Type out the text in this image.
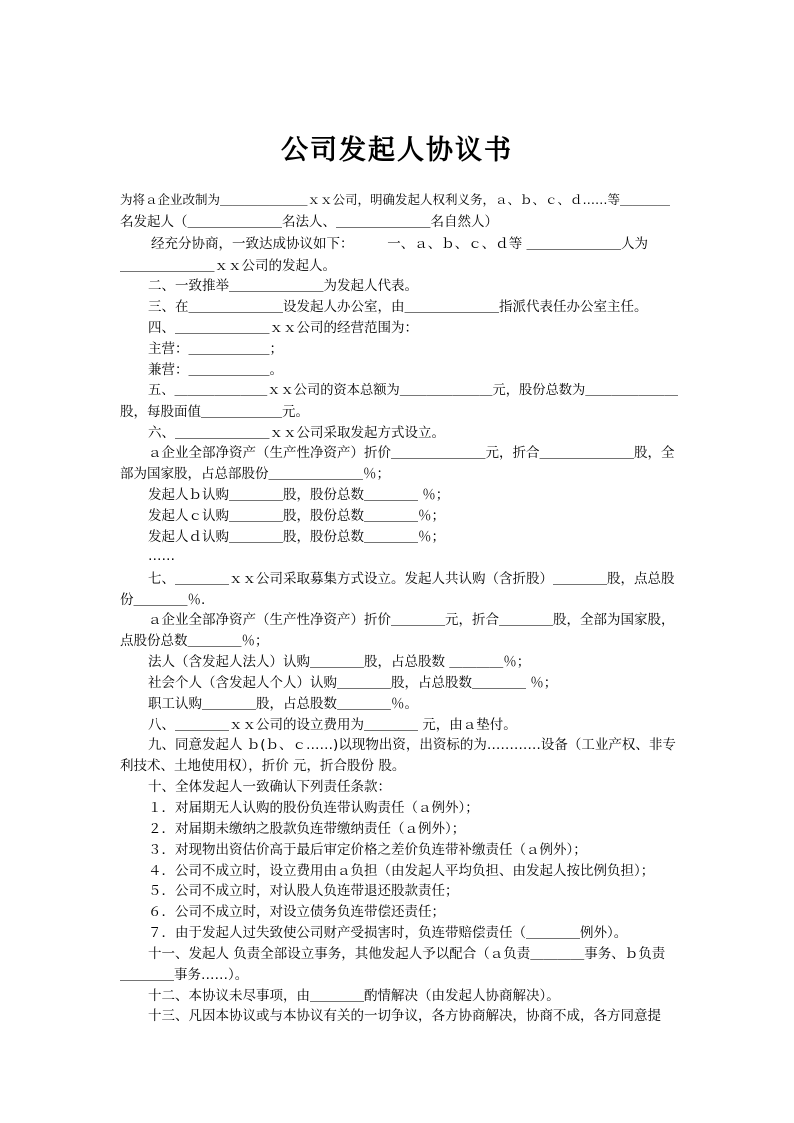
公司发起人协议书
为将ａ企业改制为＿＿＿＿＿＿＿ｘｘ公司，明确发起人权利义务，ａ、ｂ、ｃ、ｄ……等＿＿＿＿
名发起人（＿＿＿＿＿＿＿名法人、＿＿＿＿＿＿＿名自然人）
经充分协商，一致达成协议如下：　　　一、ａ、ｂ、ｃ、ｄ等 ＿＿＿＿＿＿＿人为
＿＿＿＿＿＿＿ｘｘ公司的发起人。
二、一致推举＿＿＿＿＿＿＿为发起人代表。
三、在＿＿＿＿＿＿＿设发起人办公室，由＿＿＿＿＿＿＿指派代表任办公室主任。
四、＿＿＿＿＿＿＿ｘｘ公司的经营范围为：
主营：＿＿＿＿＿＿；
兼营：＿＿＿＿＿＿。
五、＿＿＿＿＿＿＿ｘｘ公司的资本总额为＿＿＿＿＿＿＿元，股份总数为＿＿＿＿＿＿＿
股，每股面值＿＿＿＿＿＿元。
六、＿＿＿＿＿＿＿ｘｘ公司采取发起方式设立。
ａ企业全部净资产（生产性净资产）折价＿＿＿＿＿＿＿元，折合＿＿＿＿＿＿＿股，全
部为国家股，占总部股份＿＿＿＿＿＿＿％；
发起人ｂ认购＿＿＿＿股，股份总数＿＿＿＿ ％；
发起人ｃ认购＿＿＿＿股，股份总数＿＿＿＿％；
发起人ｄ认购＿＿＿＿股，股份总数＿＿＿＿％；
……
七、＿＿＿＿ｘｘ公司采取募集方式设立。发起人共认购（含折股）＿＿＿＿股，点总股
份＿＿＿＿％.
ａ企业全部净资产（生产性净资产）折价＿＿＿＿元，折合＿＿＿＿股，全部为国家股，
点股份总数＿＿＿＿％；
法人（含发起人法人）认购＿＿＿＿股，占总股数 ＿＿＿＿％；
社会个人（含发起人个人）认购＿＿＿＿股，占总股数＿＿＿＿ ％；
职工认购＿＿＿＿股，占总股数＿＿＿＿％。
八、＿＿＿＿ｘｘ公司的设立费用为＿＿＿＿ 元，由ａ垫付。
九、同意发起人 ｂ(ｂ、ｃ……)以现物出资，出资标的为…………设备（工业产权、非专
利技术、土地使用权），折价 元，折合股份 股。
十、全体发起人一致确认下列责任条款：
１．对届期无人认购的股份负连带认购责任（ａ例外）；
２．对届期未缴纳之股款负连带缴纳责任（ａ例外）；
３．对现物出资估价高于最后审定价格之差价负连带补缴责任（ａ例外）；
４．公司不成立时，设立费用由ａ负担（由发起人平均负担、由发起人按比例负担）；
５．公司不成立时，对认股人负连带退还股款责任；
６．公司不成立时，对设立债务负连带偿还责任；
７．由于发起人过失致使公司财产受损害时，负连带赔偿责任（＿＿＿＿例外）。
十一、发起人 负责全部设立事务，其他发起人予以配合（ａ负责＿＿＿＿事务、ｂ负责
＿＿＿＿事务……）。
十二、本协议未尽事项，由＿＿＿＿酌情解决（由发起人协商解决）。
十三、凡因本协议或与本协议有关的一切争议，各方协商解决，协商不成，各方同意提
